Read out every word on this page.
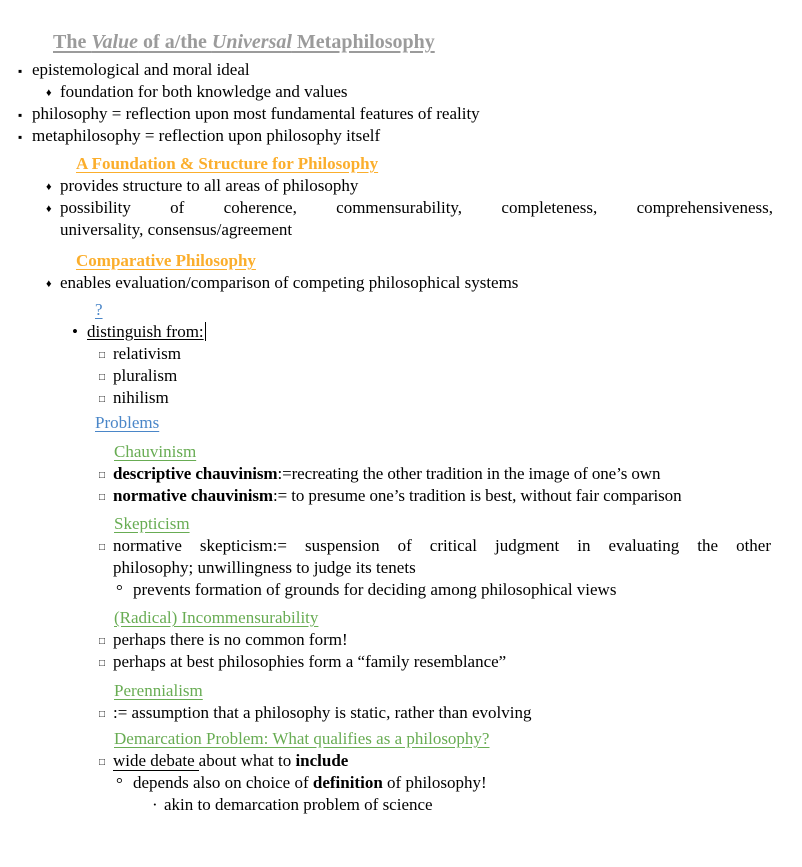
The Value of a/the Universal Metaphilosophy
▪ epistemological and moral ideal
♦ foundation for both knowledge and values
▪ philosophy = reflection upon most fundamental features of reality
▪ metaphilosophy = reflection upon philosophy itself
A Foundation & Structure for Philosophy
♦ provides structure to all areas of philosophy
♦ possibility of coherence, commensurability, completeness, comprehensiveness,
universality, consensus/agreement
Comparative Philosophy
♦ enables evaluation/comparison of competing philosophical systems
?
• distinguish from:
□ relativism
□ pluralism
□ nihilism
Problems
Chauvinism
□ descriptive chauvinism:=recreating the other tradition in the image of one’s own
□ normative chauvinism:= to presume one’s tradition is best, without fair comparison
Skepticism
□ normative skepticism:= suspension of critical judgment in evaluating the other
philosophy; unwillingness to judge its tenets
° prevents formation of grounds for deciding among philosophical views
(Radical) Incommensurability
□ perhaps there is no common form!
□ perhaps at best philosophies form a “family resemblance”
Perennialism
□ := assumption that a philosophy is static, rather than evolving
Demarcation Problem: What qualifies as a philosophy?
□ wide debate about what to include
° depends also on choice of definition of philosophy!
· akin to demarcation problem of science
